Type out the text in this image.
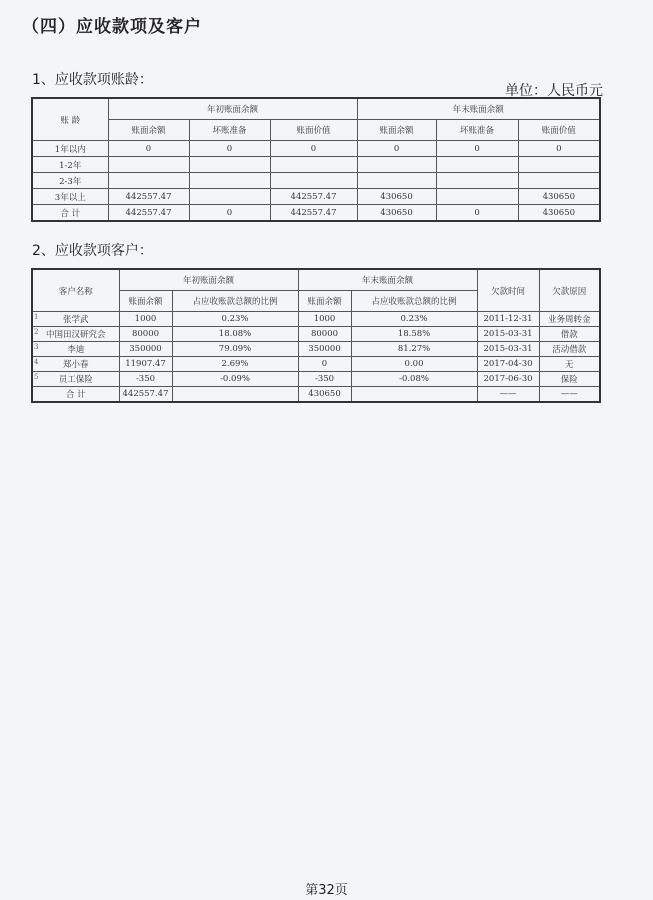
（四）应收款项及客户
1、应收款项账龄：
单位：人民币元
账 龄	年初账面余额			年末账面余额		
	账面余额	坏账准备	账面价值	账面余额	坏账准备	账面价值
1年以内	0	0	0	0	0	0
1-2年						
2-3年						
3年以上	442557.47		442557.47	430650		430650
合 计	442557.47	0	442557.47	430650	0	430650
2、应收款项客户：
客户名称	年初账面余额		年末账面余额		欠款时间	欠款原因
	账面余额	占应收账款总额的比例	账面余额	占应收账款总额的比例		

1 张学武	1000	0.23%	1000	0.23%	2011-12-31	业务周转金

2 中国田汉研究会	80000	18.08%	80000	18.58%	2015-03-31	借款

3 李迪	350000	79.09%	350000	81.27%	2015-03-31	活动借款

4 郑小春	11907.47	2.69%	0	0.00	2017-04-30	无

5 员工保险	-350	-0.09%	-350	-0.08%	2017-06-30	保险
合 计	442557.47		430650		——	——
第32页
